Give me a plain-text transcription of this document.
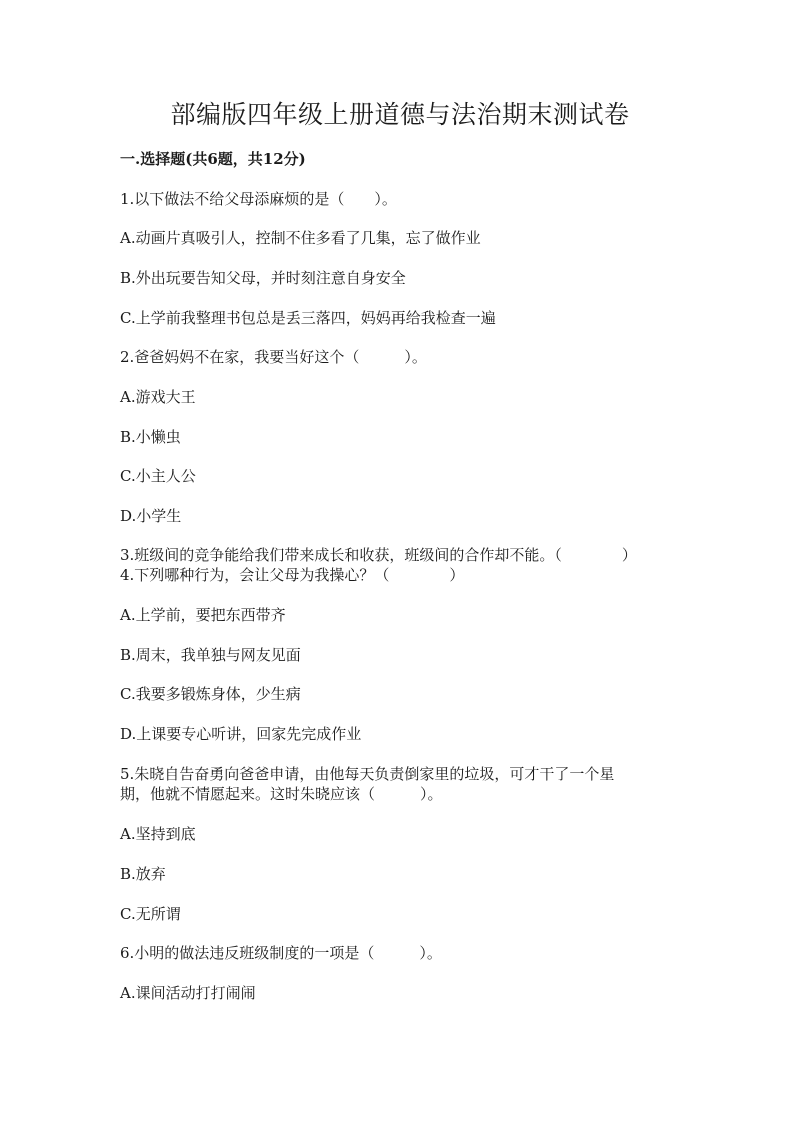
部编版四年级上册道德与法治期末测试卷
一.选择题(共6题，共12分)
1.以下做法不给父母添麻烦的是（　　）。
A.动画片真吸引人，控制不住多看了几集，忘了做作业
B.外出玩要告知父母，并时刻注意自身安全
C.上学前我整理书包总是丢三落四，妈妈再给我检查一遍
2.爸爸妈妈不在家，我要当好这个（　　　）。
A.游戏大王
B.小懒虫
C.小主人公
D.小学生
3.班级间的竞争能给我们带来成长和收获，班级间的合作却不能。（　　　　）
4.下列哪种行为，会让父母为我操心？（　　　　）
A.上学前，要把东西带齐
B.周末，我单独与网友见面
C.我要多锻炼身体，少生病
D.上课要专心听讲，回家先完成作业
5.朱晓自告奋勇向爸爸申请，由他每天负责倒家里的垃圾，可才干了一个星
期，他就不情愿起来。这时朱晓应该（　　　）。
A.坚持到底
B.放弃
C.无所谓
6.小明的做法违反班级制度的一项是（　　　）。
A.课间活动打打闹闹
